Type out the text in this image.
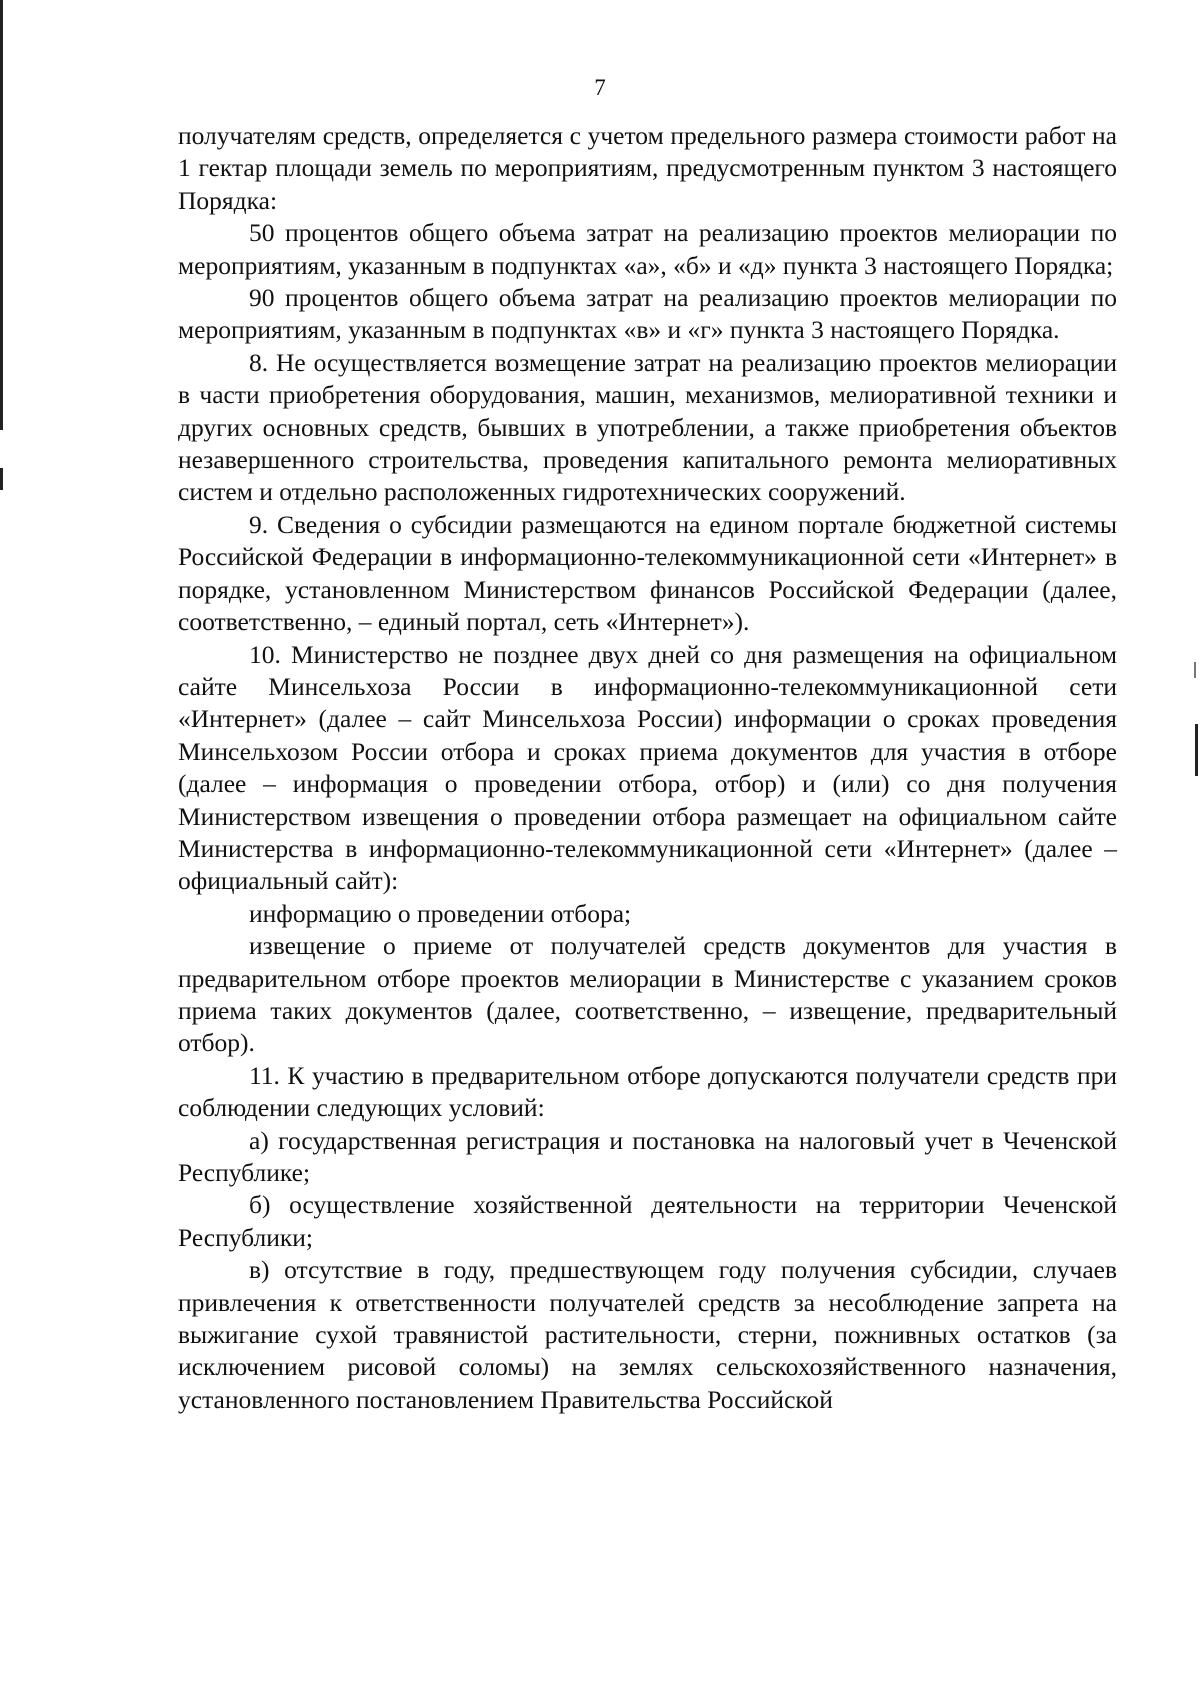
7

получателям средств, определяется с учетом предельного размера стоимости работ на 1 гектар площади земель по мероприятиям, предусмотренным пунктом 3 настоящего Порядка:

50 процентов общего объема затрат на реализацию проектов мелиорации по мероприятиям, указанным в подпунктах «а», «б» и «д» пункта 3 настоящего Порядка;

90 процентов общего объема затрат на реализацию проектов мелиорации по мероприятиям, указанным в подпунктах «в» и «г» пункта 3 настоящего Порядка.

8. Не осуществляется возмещение затрат на реализацию проектов мелиорации в части приобретения оборудования, машин, механизмов, мелиоративной техники и других основных средств, бывших в употреблении, а также приобретения объектов незавершенного строительства, проведения капитального ремонта мелиоративных систем и отдельно расположенных гидротехнических сооружений.

9. Сведения о субсидии размещаются на едином портале бюджетной системы Российской Федерации в информационно-телекоммуникационной сети «Интернет» в порядке, установленном Министерством финансов Российской Федерации (далее, соответственно, – единый портал, сеть «Интернет»).

10. Министерство не позднее двух дней со дня размещения на официальном сайте Минсельхоза России в информационно-телекоммуникационной сети «Интернет» (далее – сайт Минсельхоза России) информации о сроках проведения Минсельхозом России отбора и сроках приема документов для участия в отборе (далее – информация о проведении отбора, отбор) и (или) со дня получения Министерством извещения о проведении отбора размещает на официальном сайте Министерства в информационно-телекоммуникационной сети «Интернет» (далее – официальный сайт):

информацию о проведении отбора;

извещение о приеме от получателей средств документов для участия в предварительном отборе проектов мелиорации в Министерстве с указанием сроков приема таких документов (далее, соответственно, – извещение, предварительный отбор).

11. К участию в предварительном отборе допускаются получатели средств при соблюдении следующих условий:

а) государственная регистрация и постановка на налоговый учет в Чеченской Республике;

б) осуществление хозяйственной деятельности на территории Чеченской Республики;

в) отсутствие в году, предшествующем году получения субсидии, случаев привлечения к ответственности получателей средств за несоблюдение запрета на выжигание сухой травянистой растительности, стерни, пожнивных остатков (за исключением рисовой соломы) на землях сельскохозяйственного назначения, установленного постановлением Правительства Российской
